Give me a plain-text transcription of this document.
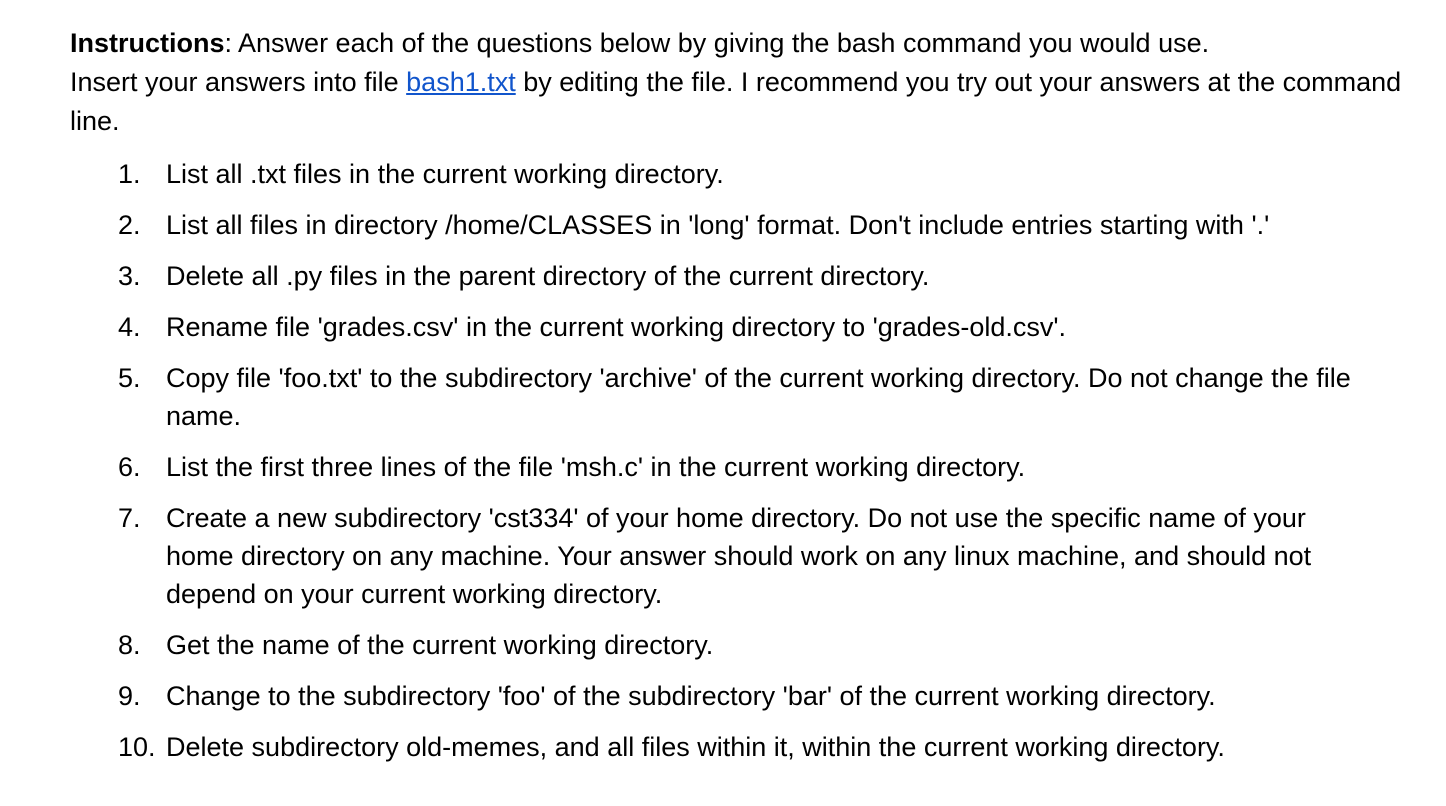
Instructions: Answer each of the questions below by giving the bash command you would use.
Insert your answers into file bash1.txt by editing the file. I recommend you try out your answers at the command line.

1. List all .txt files in the current working directory.
2. List all files in directory /home/CLASSES in 'long' format. Don't include entries starting with '.'
3. Delete all .py files in the parent directory of the current directory.
4. Rename file 'grades.csv' in the current working directory to 'grades-old.csv'.
5. Copy file 'foo.txt' to the subdirectory 'archive' of the current working directory. Do not change the file name.
6. List the first three lines of the file 'msh.c' in the current working directory.
7. Create a new subdirectory 'cst334' of your home directory. Do not use the specific name of your home directory on any machine. Your answer should work on any linux machine, and should not depend on your current working directory.
8. Get the name of the current working directory.
9. Change to the subdirectory 'foo' of the subdirectory 'bar' of the current working directory.
10. Delete subdirectory old-memes, and all files within it, within the current working directory.
